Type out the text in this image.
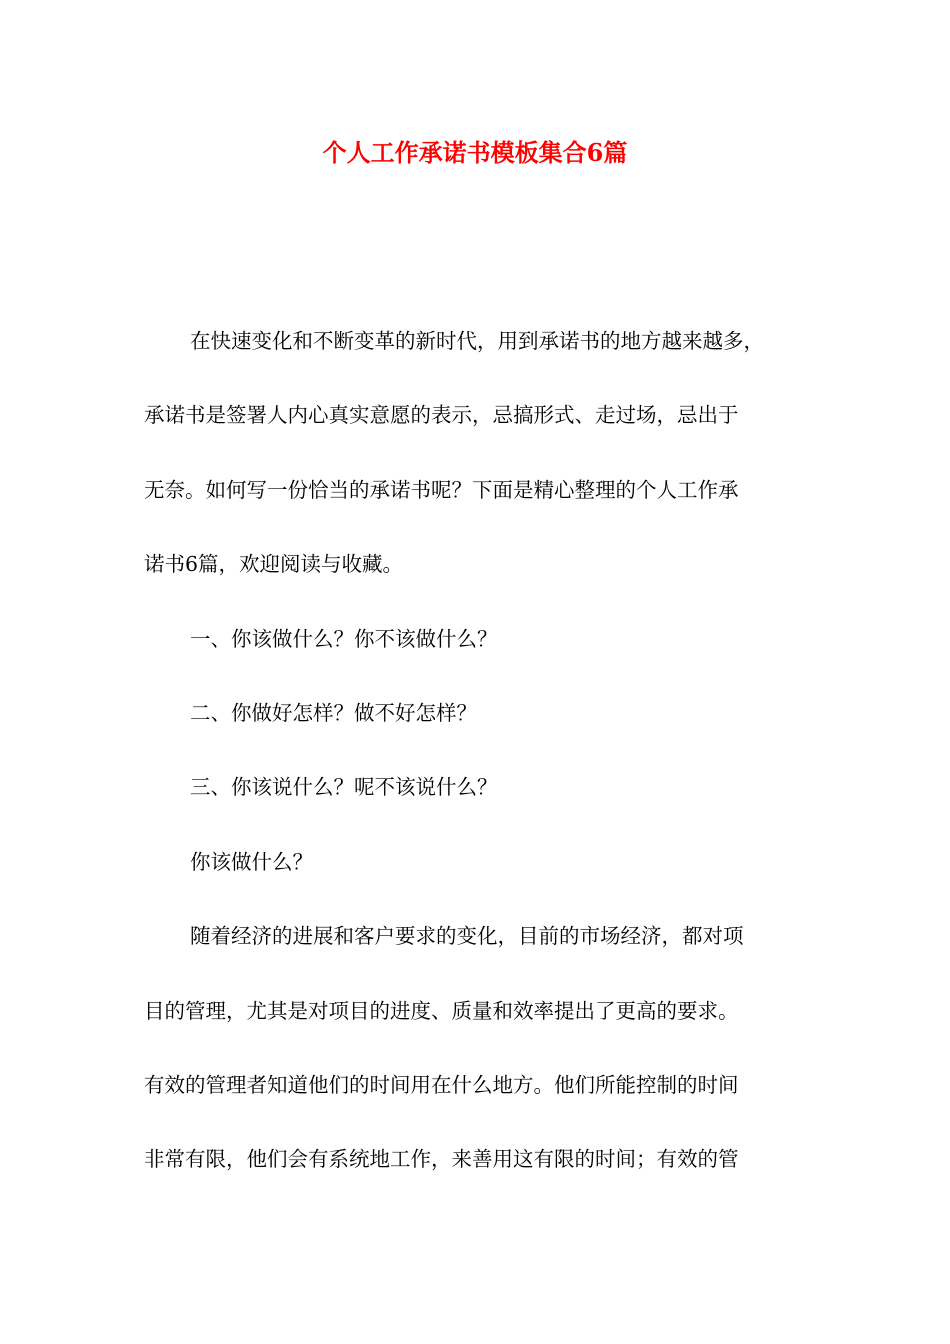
个人工作承诺书模板集合6篇
在快速变化和不断变革的新时代，用到承诺书的地方越来越多，
承诺书是签署人内心真实意愿的表示，忌搞形式、走过场，忌出于
无奈。如何写一份恰当的承诺书呢？下面是精心整理的个人工作承
诺书6篇，欢迎阅读与收藏。
一、你该做什么？你不该做什么？
二、你做好怎样？做不好怎样？
三、你该说什么？呢不该说什么？
你该做什么？
随着经济的进展和客户要求的变化，目前的市场经济，都对项
目的管理，尤其是对项目的进度、质量和效率提出了更高的要求。
有效的管理者知道他们的时间用在什么地方。他们所能控制的时间
非常有限，他们会有系统地工作，来善用这有限的时间；有效的管
